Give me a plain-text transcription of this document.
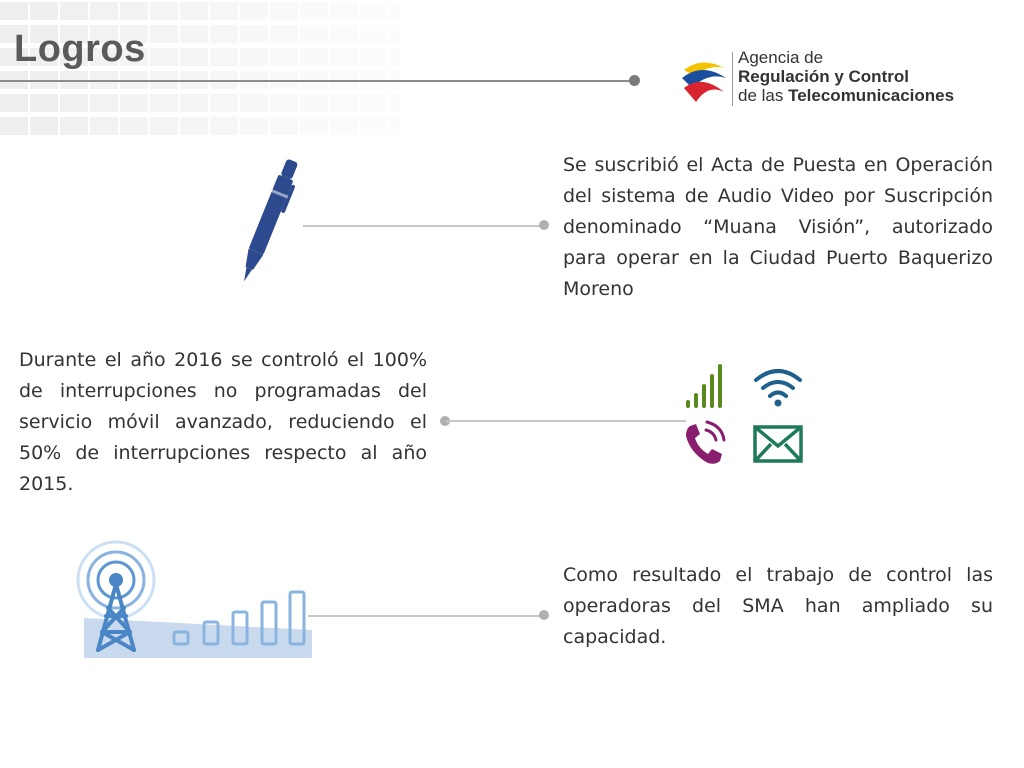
Logros	Agencia de
Regulación y Control
de las Telecomunicaciones
Se suscribió el Acta de Puesta en Operación del sistema de Audio Video por Suscripción denominado “Muana Visión”, autorizado para operar en la Ciudad Puerto Baquerizo Moreno
Durante el año 2016 se controló el 100% de interrupciones no programadas del servicio móvil avanzado, reduciendo el 50% de interrupciones respecto al año 2015.
Como resultado el trabajo de control las operadoras del SMA han ampliado su capacidad.
